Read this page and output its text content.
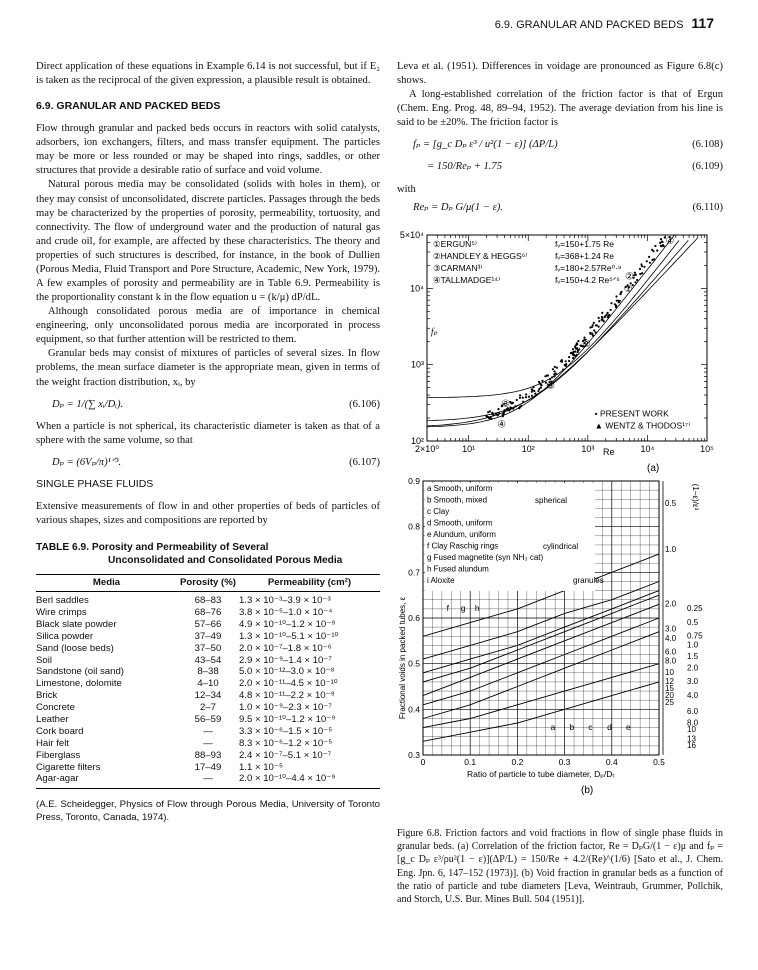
6.9. GRANULAR AND PACKED BEDS 117

Direct application of these equations in Example 6.14 is not successful, but if E₂ is taken as the reciprocal of the given expression, a plausible result is obtained.

6.9. GRANULAR AND PACKED BEDS

Flow through granular and packed beds occurs in reactors with solid catalysts, adsorbers, ion exchangers, filters, and mass transfer equipment. The particles may be more or less rounded or may be shaped into rings, saddles, or other structures that provide a desirable ratio of surface and void volume.

Natural porous media may be consolidated (solids with holes in them), or they may consist of unconsolidated, discrete particles. Passages through the beds may be characterized by the properties of porosity, permeability, tortuosity, and connectivity. The flow of underground water and the production of natural gas and crude oil, for example, are affected by these characteristics. The theory and properties of such structures is described, for instance, in the book of Dullien (Porous Media, Fluid Transport and Pore Structure, Academic, New York, 1979). A few examples of porosity and permeability are in Table 6.9. Permeability is the proportionality constant k in the flow equation u = (k/μ) dP/dL.

Although consolidated porous media are of importance in chemical engineering, only unconsolidated porous media are incorporated in process equipment, so that further attention will be restricted to them.

Granular beds may consist of mixtures of particles of several sizes. In flow problems, the mean surface diameter is the appropriate mean, given in terms of the weight fraction distribution, xᵢ, by

Dₚ = 1/(∑ xᵢ/Dᵢ).	(6.106)

When a particle is not spherical, its characteristic diameter is taken as that of a sphere with the same volume, so that

Dₚ = (6Vₚ/π)¹ᐟ³.	(6.107)
SINGLE PHASE FLUIDS

Extensive measurements of flow in and other properties of beds of particles of various shapes, sizes and compositions are reported by

TABLE 6.9. Porosity and Permeability of Several
Unconsolidated and Consolidated Porous Media
Media	Porosity (%)	Permeability (cm²)
Berl saddles	68–83	1.3 × 10⁻³–3.9 × 10⁻³
Wire crimps	68–76	3.8 × 10⁻⁵–1.0 × 10⁻⁴
Black slate powder	57–66	4.9 × 10⁻¹⁰–1.2 × 10⁻⁹
Silica powder	37–49	1.3 × 10⁻¹⁰–5.1 × 10⁻¹⁰
Sand (loose beds)	37–50	2.0 × 10⁻⁷–1.8 × 10⁻⁶
Soil	43–54	2.9 × 10⁻⁹–1.4 × 10⁻⁷
Sandstone (oil sand)	8–38	5.0 × 10⁻¹²–3.0 × 10⁻⁸
Limestone, dolomite	4–10	2.0 × 10⁻¹¹–4.5 × 10⁻¹⁰
Brick	12–34	4.8 × 10⁻¹¹–2.2 × 10⁻⁹
Concrete	2–7	1.0 × 10⁻⁹–2.3 × 10⁻⁷
Leather	56–59	9.5 × 10⁻¹⁰–1.2 × 10⁻⁹
Cork board	—	3.3 × 10⁻⁶–1.5 × 10⁻⁵
Hair felt	—	8.3 × 10⁻⁶–1.2 × 10⁻⁵
Fiberglass	88–93	2.4 × 10⁻⁷–5.1 × 10⁻⁷
Cigarette filters	17–49	1.1 × 10⁻⁵
Agar-agar	—	2.0 × 10⁻¹⁰–4.4 × 10⁻⁹

(A.E. Scheidegger, Physics of Flow through Porous Media, University of Toronto Press, Toronto, Canada, 1974).

Leva et al. (1951). Differences in voidage are pronounced as Figure 6.8(c) shows.

A long-established correlation of the friction factor is that of Ergun (Chem. Eng. Prog. 48, 89–94, 1952). The average deviation from his line is said to be ±20%. The friction factor is

fₚ = [g_c Dₚ ε³ / u²(1 − ε)] (ΔP/L)	(6.108)
= 150/Reₚ + 1.75	(6.109)

with

Reₚ = Dₚ G/μ(1 − ε).	(6.110)
2×10⁰	10¹	10²	10³	10⁴	10⁵
10²
10³
10⁴
5×10⁴
Re
fₚ
(a)
①ERGUN⁵⁾	fᵥ=150+1.75 Re
②HANDLEY & HEGGS⁶⁾	fᵥ=368+1.24 Re
③CARMAN³⁾	fᵥ=180+2.57Re⁰·⁹
④TALLMADGE¹⁴⁾	fᵥ=150+4.2 Re⁵ᐟ⁶
• PRESENT WORK
▲ WENTZ & THODOS¹⁷⁾
③
②
①
④
②
③
④
0	0.1	0.2	0.3	0.4	0.5
0.3
0.4
0.5
0.6
0.7
0.8
0.9
Ratio of particle to tube diameter, Dₚ/Dₜ
Fractional voids in packed tubes, ε
(b)
(1−ε)/ε³
0.5
1.0
2.0
3.0
4.0
6.0
8.0
10
12
15
20
25
0.25
0.5
0.75
1.0
1.5
2.0
3.0
4.0
6.0
8.0
10
13
16
a b c d e
f g h
a Smooth, uniform
b Smooth, mixed
c Clay
d Smooth, uniform
e Alundum, uniform
f Clay Raschig rings
g Fused magnetite (syn NH₃ cat)
h Fused alundum
i Aloxite
spherical
cylindrical
granules

Figure 6.8. Friction factors and void fractions in flow of single phase fluids in granular beds. (a) Correlation of the friction factor, Re = DₚG/(1 − ε)μ and fₚ = [g_c Dₚ ε³/ρu²(1 − ε)](ΔP/L) = 150/Re + 4.2/(Re)^(1/6) [Sato et al., J. Chem. Eng. Jpn. 6, 147–152 (1973)]. (b) Void fraction in granular beds as a function of the ratio of particle and tube diameters [Leva, Weintraub, Grummer, Pollchik, and Storch, U.S. Bur. Mines Bull. 504 (1951)].
